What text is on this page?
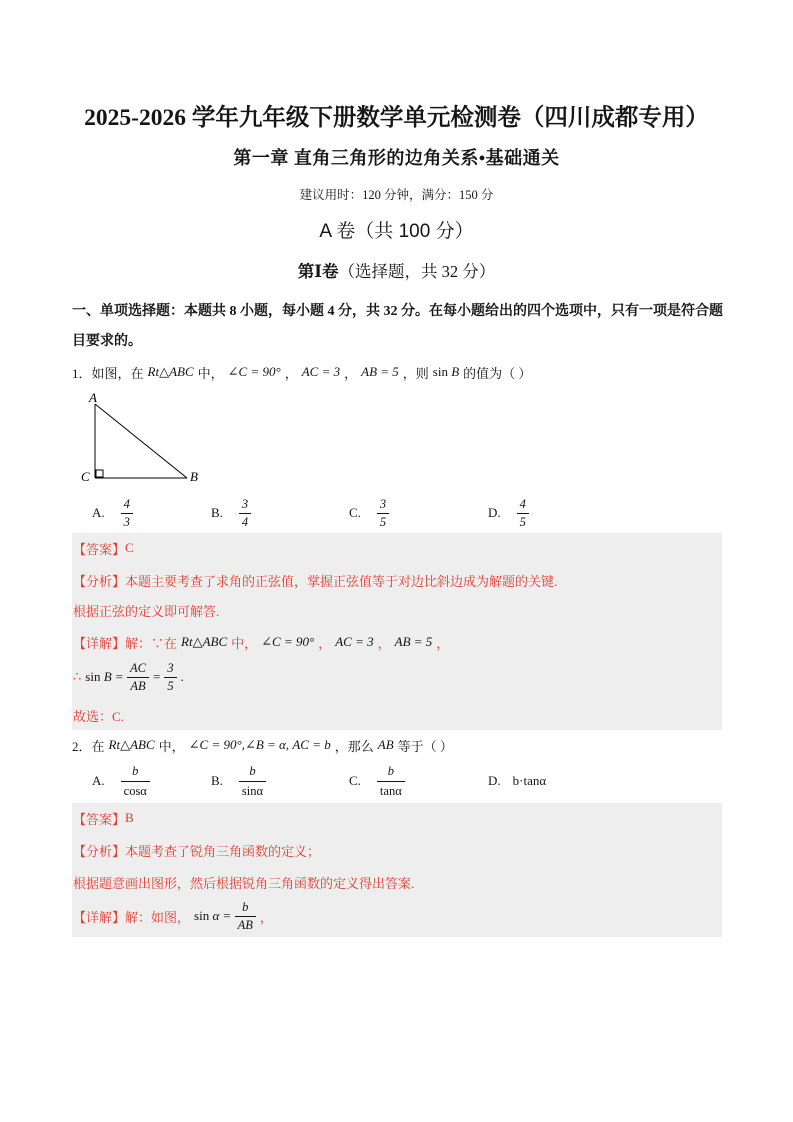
2025-2026 学年九年级下册数学单元检测卷（四川成都专用）
第一章 直角三角形的边角关系•基础通关
建议用时：120 分钟，满分：150 分
A 卷（共 100 分）
第Ⅰ卷（选择题，共 32 分）
一、单项选择题：本题共 8 小题，每小题 4 分，共 32 分。在每小题给出的四个选项中，只有一项是符合题
目要求的。
1． 如图，在 Rt△ABC 中， ∠C = 90° ， AC = 3 ， AB = 5 ，则 sin B 的值为（ ）
A
C	B
A. $\frac{4}{3}$	B. $\frac{3}{4}$	C. $\frac{3}{5}$	D. $\frac{4}{5}$
【答案】 C
【分析】 本题主要考查了求角的正弦值，掌握正弦值等于对边比斜边成为解题的关键.
根据正弦的定义即可解答.
【详解】 解：∵在 Rt△ABC 中， ∠C = 90° ， AC = 3 ， AB = 5 ，
∴ $\sin B = \frac{AC}{AB} = \frac{3}{5}$ .
故选：C.
2． 在 Rt△ABC 中， ∠C = 90°,∠B = α, AC = b ，那么 AB 等于（ ）
A. $\frac{b}{\cos\alpha}$	B. $\frac{b}{\sin\alpha}$	C. $\frac{b}{\tan\alpha}$	D. b·tanα
【答案】 B
【分析】 本题考查了锐角三角函数的定义；
根据题意画出图形，然后根据锐角三角函数的定义得出答案.
【详解】 解：如图， $\sin \alpha = \frac{b}{AB}$ ，
